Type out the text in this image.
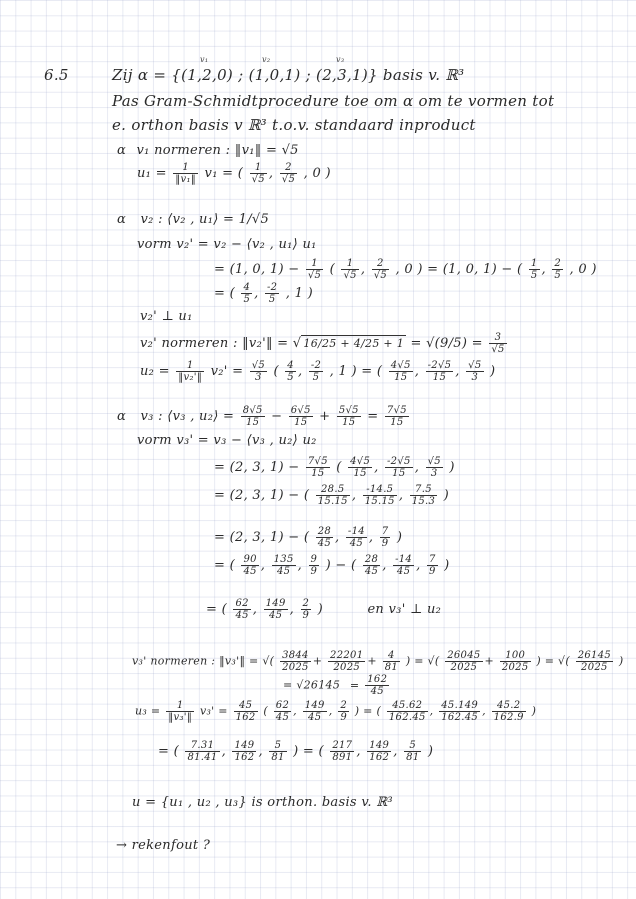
6.5
v₁	v₂	v₃
Zij α = {(1,2,0) ; (1,0,1) ; (2,3,1)} basis v. ℝ³
Pas Gram-Schmidtprocedure toe om α om te vormen tot
e. orthon basis v ℝ³ t.o.v. standaard inproduct
α v₁ normeren : ‖v₁‖ = √5
$u_1 = \frac{1}{\text{‖v₁‖}} v_1$ = ( $\frac{1}{√5}$ , $\frac{2}{√5}$ , 0 )
α v₂ : ⟨v₂ , u₁⟩ = 1/√5
vorm v₂' = v₂ − ⟨v₂ , u₁⟩ u₁
= (1, 0, $1) - \frac{1}{√5}$ ( $\frac{1}{√5}$ , $\frac{2}{√5}$ , 0 ) = (1, 0, 1) − ( $\frac{1}{5}$ , $\frac{2}{5}$ , 0 )
= ( $\frac{4}{5}$ , $\frac{-2}{5}$ , 1 )
v₂' ⊥ u₁
v₂' normeren : ‖v₂'‖ = √ $16/25 + 4/25 + 1 = √(9/5) = \frac{3}{√5}$
$u_2 = \frac{1}{\text{‖v₂'‖}} v_2' = \frac{√5}{3}$ ( $\frac{4}{5}$ , $\frac{-2}{5}$ , 1 ) = ( $\frac{4√5}{15}$ , $\frac{-2√5}{15}$ , $\frac{√5}{3}$ )
α v₃ : ⟨v₃ , u₂⟩ = $\frac{8√5}{15} - \frac{6√5}{15} + \frac{5√5}{15} = \frac{7√5}{15}$
vorm v₃' = v₃ − ⟨v₃ , u₂⟩ u₂
= (2, 3, $1) - \frac{7√5}{15}$ ( $\frac{4√5}{15}$ , $\frac{-2√5}{15}$ , $\frac{√5}{3}$ )
= (2, 3, 1) − ( $\frac{28.5}{15.15}$ , $\frac{-14.5}{15.15}$ , $\frac{7.5}{15.3}$ )
= (2, 3, 1) − ( $\frac{28}{45}$ , $\frac{-14}{45}$ , $\frac{7}{9}$ )
= ( $\frac{90}{45}$ , $\frac{135}{45}$ , $\frac{9}{9}$ ) − ( $\frac{28}{45}$ , $\frac{-14}{45}$ , $\frac{7}{9}$ )
= ( $\frac{62}{45}$ , $\frac{149}{45}$ , $\frac{2}{9}$ )	en v₃' ⊥ u₂
v₃' normeren : ‖v₃'‖ = √( $\frac{3844}{2025} + \frac{22201}{2025} + \frac{4}{81}$ ) = √( $\frac{26045}{2025} + \frac{100}{2025}$ ) = √( $\frac{26145}{2025}$ )
= $√26145 = \frac{162}{45}$
$u_3 = \frac{1}{\text{‖v₃'‖}} v_3' = \frac{45}{162}$ ( $\frac{62}{45}$ , $\frac{149}{45}$ , $\frac{2}{9}$ ) = ( $\frac{45.62}{162.45}$ , $\frac{45.149}{162.45}$ , $\frac{45.2}{162.9}$ )
= ( $\frac{7.31}{81.41}$ , $\frac{149}{162}$ , $\frac{5}{81}$ ) = ( $\frac{217}{891}$ , $\frac{149}{162}$ , $\frac{5}{81}$ )
u = {u₁ , u₂ , u₃} is orthon. basis v. ℝ³
→ rekenfout ?
